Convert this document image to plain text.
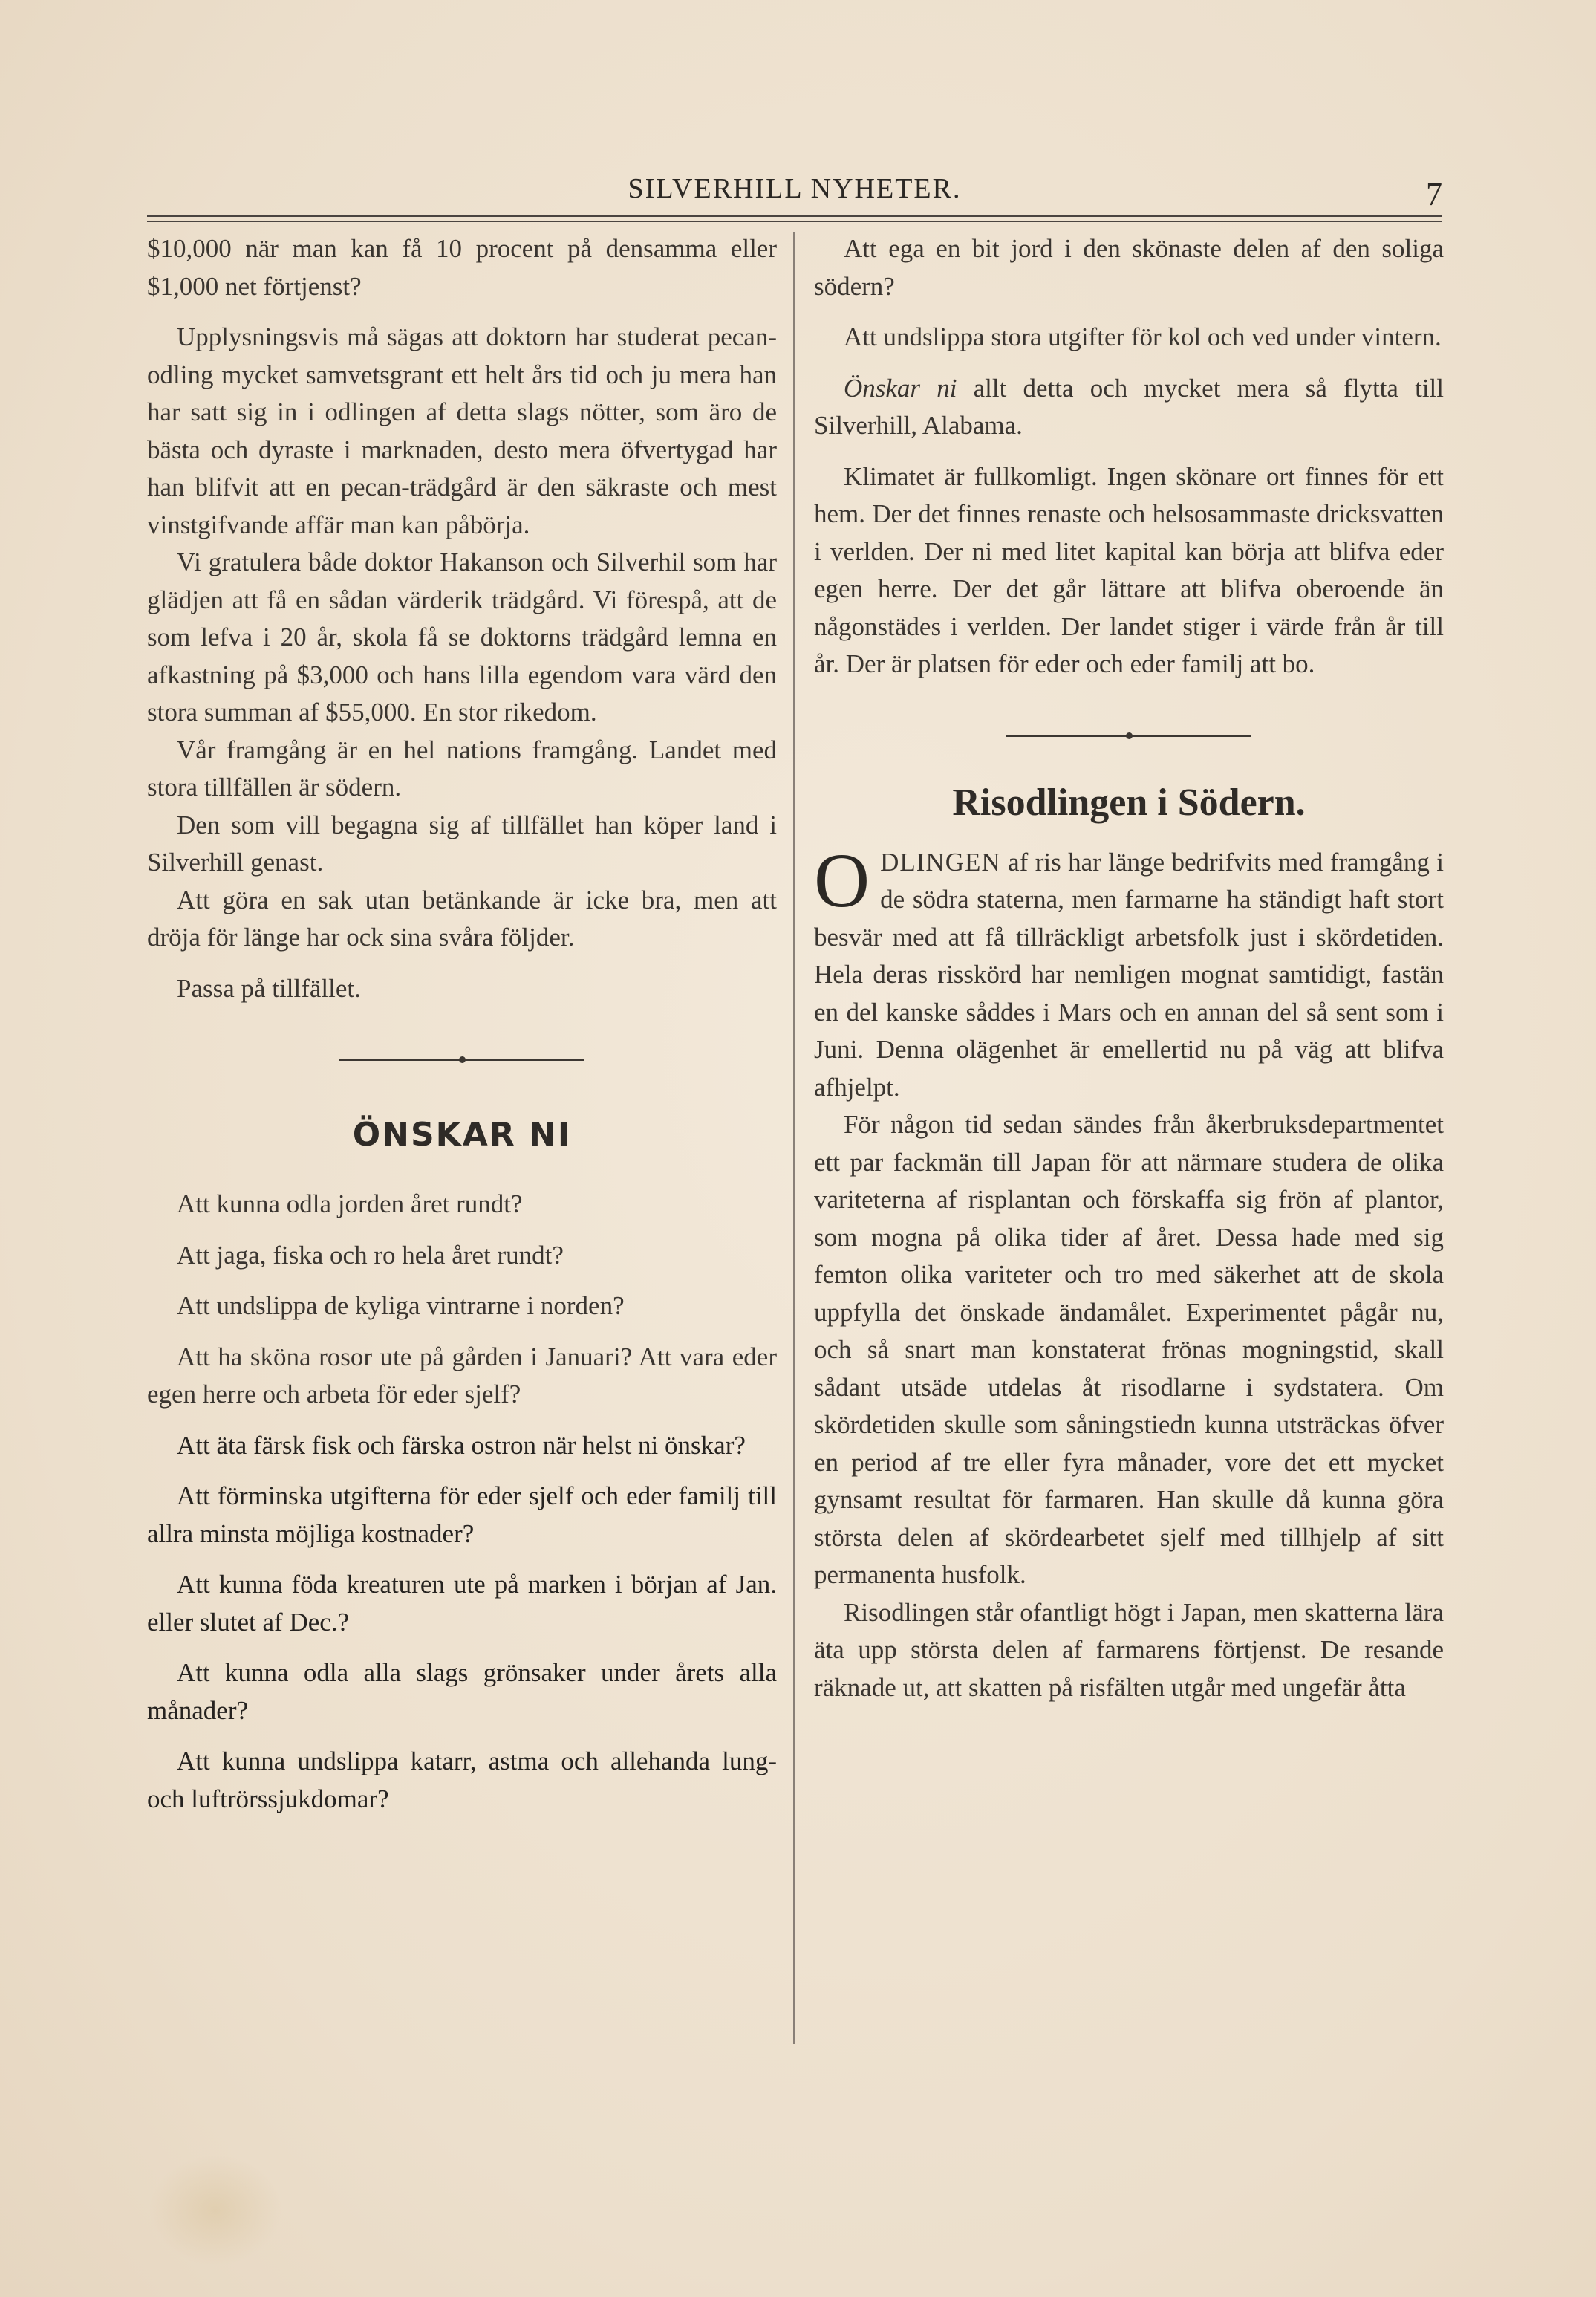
SILVERHILL NYHETER.	7

$10,000 när man kan få 10 procent på densamma eller $1,000 net förtjenst?

Upplysningsvis må sägas att doktorn har studerat pecan-odling mycket samvetsgrant ett helt års tid och ju mera han har satt sig in i odlingen af detta slags nötter, som äro de bästa och dyraste i marknaden, desto mera öfvertygad har han blifvit att en pecan-trädgård är den säkraste och mest vinstgifvande affär man kan påbörja.

Vi gratulera både doktor Hakanson och Silverhil som har glädjen att få en sådan värderik trädgård. Vi förespå, att de som lefva i 20 år, skola få se doktorns trädgård lemna en afkastning på $3,000 och hans lilla egendom vara värd den stora summan af $55,000. En stor rikedom.

Vår framgång är en hel nations framgång. Landet med stora tillfällen är södern.

Den som vill begagna sig af tillfället han köper land i Silverhill genast.

Att göra en sak utan betänkande är icke bra, men att dröja för länge har ock sina svåra följder.

Passa på tillfället.

ÖNSKAR NI

Att kunna odla jorden året rundt?

Att jaga, fiska och ro hela året rundt?

Att undslippa de kyliga vintrarne i norden?

Att ha sköna rosor ute på gården i Januari? Att vara eder egen herre och arbeta för eder sjelf?

Att äta färsk fisk och färska ostron när helst ni önskar?

Att förminska utgifterna för eder sjelf och eder familj till allra minsta möjliga kostnader?

Att kunna föda kreaturen ute på marken i början af Jan. eller slutet af Dec.?

Att kunna odla alla slags grönsaker under årets alla månader?

Att kunna undslippa katarr, astma och allehanda lung- och luftrörssjukdomar?

Att ega en bit jord i den skönaste delen af den soliga södern?

Att undslippa stora utgifter för kol och ved under vintern.

Önskar ni allt detta och mycket mera så flytta till Silverhill, Alabama.

Klimatet är fullkomligt. Ingen skönare ort finnes för ett hem. Der det finnes renaste och helsosammaste dricksvatten i verlden. Der ni med litet kapital kan börja att blifva eder egen herre. Der det går lättare att blifva oberoende än någonstädes i verlden. Der landet stiger i värde från år till år. Der är platsen för eder och eder familj att bo.

Risodlingen i Södern.

ODLINGEN af ris har länge bedrifvits med framgång i de södra staterna, men farmarne ha ständigt haft stort besvär med att få tillräckligt arbetsfolk just i skördetiden. Hela deras risskörd har nemligen mognat samtidigt, fastän en del kanske såddes i Mars och en annan del så sent som i Juni. Denna olägenhet är emellertid nu på väg att blifva afhjelpt.

För någon tid sedan sändes från åkerbruksdepartmentet ett par fackmän till Japan för att närmare studera de olika variteterna af risplantan och förskaffa sig frön af plantor, som mogna på olika tider af året. Dessa hade med sig femton olika variteter och tro med säkerhet att de skola uppfylla det önskade ändamålet. Experimentet pågår nu, och så snart man konstaterat frönas mogningstid, skall sådant utsäde utdelas åt risodlarne i sydstatera. Om skördetiden skulle som såningstiedn kunna utsträckas öfver en period af tre eller fyra månader, vore det ett mycket gynsamt resultat för farmaren. Han skulle då kunna göra största delen af skördearbetet sjelf med tillhjelp af sitt permanenta husfolk.

Risodlingen står ofantligt högt i Japan, men skatterna lära äta upp största delen af farmarens förtjenst. De resande räknade ut, att skatten på risfälten utgår med ungefär åtta
